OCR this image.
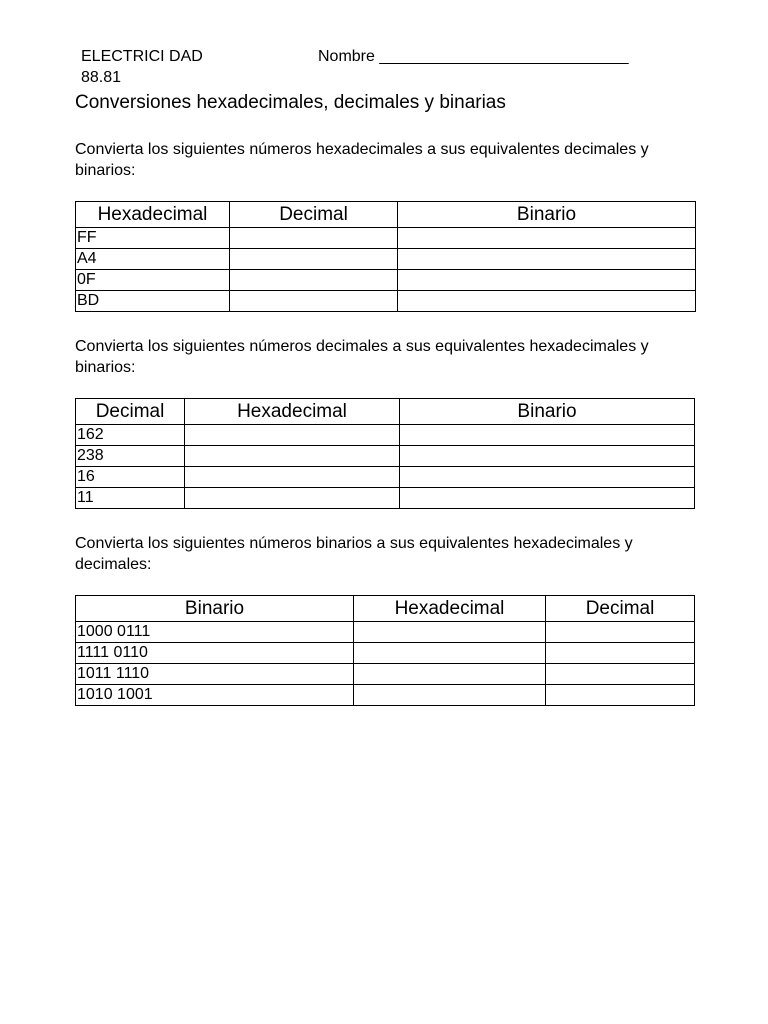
ELECTRICI DAD 88.81
Nombre ____________________________
Conversiones hexadecimales, decimales y binarias
Convierta los siguientes números hexadecimales a sus equivalentes decimales y binarios:
Hexadecimal	Decimal	Binario
FF		
A4		
0F		
BD		
Convierta los siguientes números decimales a sus equivalentes hexadecimales y binarios:
Decimal	Hexadecimal	Binario
162		
238		
16		
11		
Convierta los siguientes números binarios a sus equivalentes hexadecimales y decimales:
Binario	Hexadecimal	Decimal
1000 0111		
1111 0110		
1011 1110		
1010 1001		
